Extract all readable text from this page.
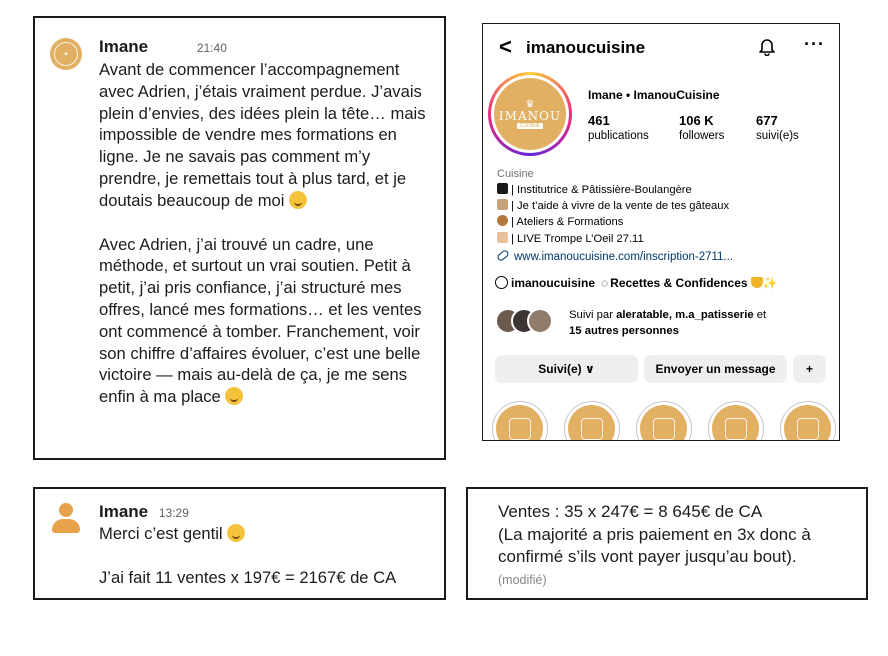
✦	Imane	21:40

Avant de commencer l’accompagnement avec Adrien, j’étais vraiment perdue. J’avais plein d’envies, des idées plein la tête… mais impossible de vendre mes formations en ligne. Je ne savais pas comment m’y prendre, je remettais tout à plus tard, et je doutais beaucoup de moi

Avec Adrien, j’ai trouvé un cadre, une méthode, et surtout un vrai soutien. Petit à petit, j’ai pris confiance, j’ai structuré mes offres, lancé mes formations… et les ventes ont commencé à tomber. Franchement, voir son chiffre d’affaires évoluer, c’est une belle victoire — mais au-delà de ça, je me sens enfin à ma place

< imanoucuisine	···
♛
IMANOU
CUISINE
Imane • ImanouCuisine
461
publications
106 K
followers
677
suivi(e)s
Cuisine
| Institutrice & Pâtissière-Boulangère
| Je t’aide à vivre de la vente de tes gâteaux
| Ateliers & Formations
| LIVE Trompe L’Oeil 27.11
www.imanoucuisine.com/inscription-2711...
imanoucuisine ◌ Recettes & Confidences ✨
Suivi par aleratable, m.a_patisserie et
15 autres personnes
Suivi(e) ∨	Envoyer un message	+
Imane 13:29

Merci c’est gentil

J’ai fait 11 ventes x 197€ = 2167€ de CA

Ventes : 35 x 247€ = 8 645€ de CA

(La majorité a pris paiement en 3x donc à confirmé s’ils vont payer jusqu’au bout).

(modifié)
